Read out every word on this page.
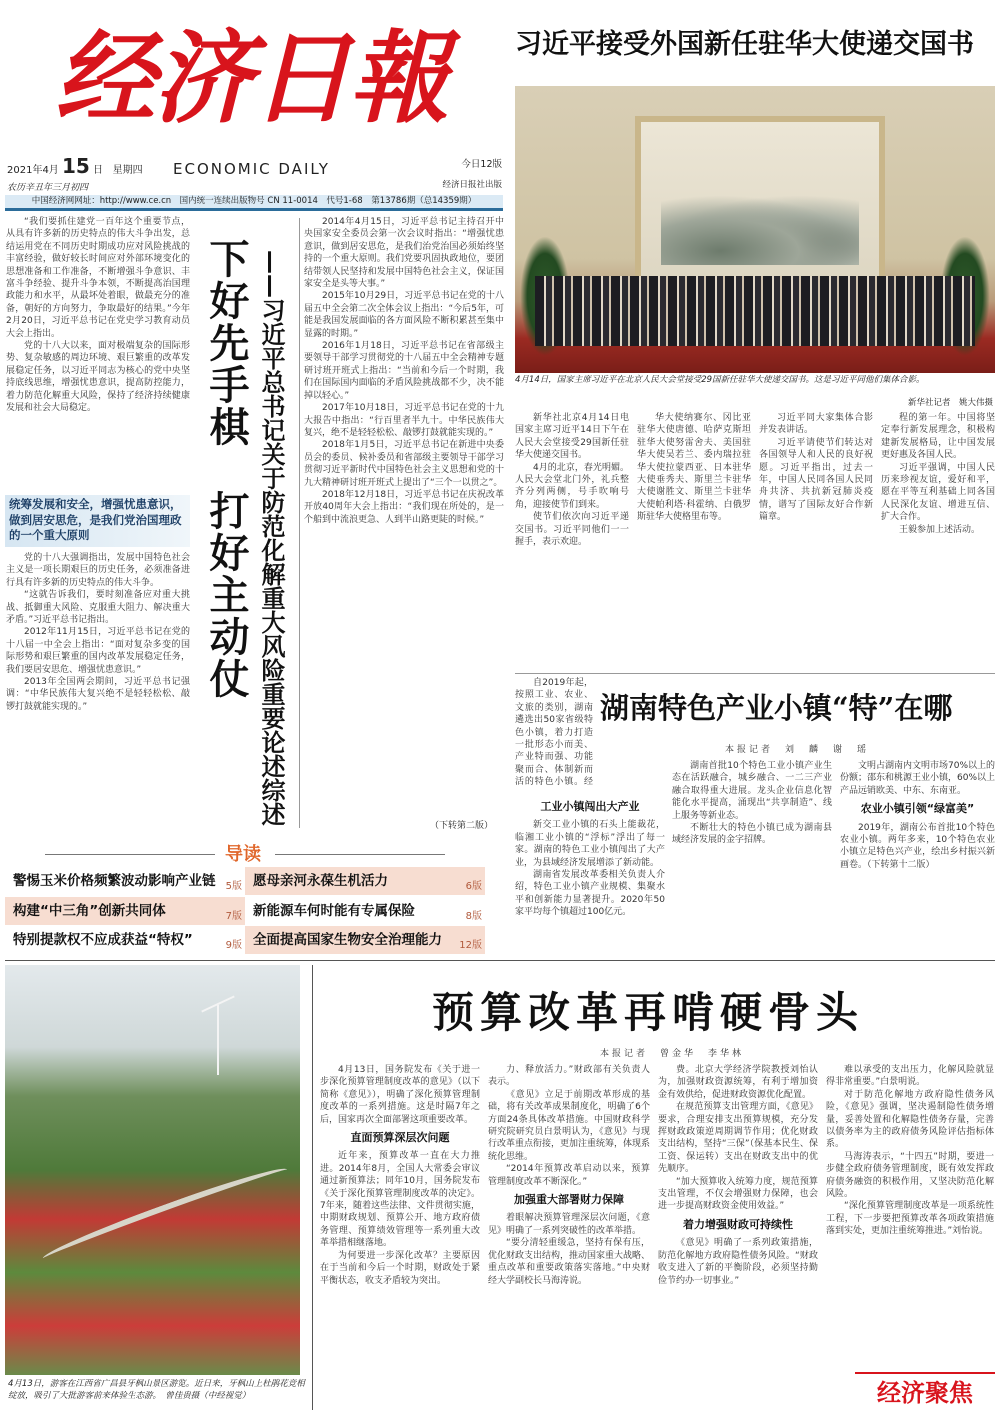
经济日報	习近平接受外国新任驻华大使递交国书
2021年4月 15 日 星期四
农历辛丑年三月初四
ECONOMIC DAILY	今日12版
经济日报社出版
中国经济网网址：http://www.ce.cn　国内统一连续出版物号 CN 11-0014　代号1-68　第13786期（总14359期）
4月14日，国家主席习近平在北京人民大会堂接受29国新任驻华大使递交国书。这是习近平同他们集体合影。
新华社记者　姚大伟摄

“我们要抓住建党一百年这个重要节点，从具有许多新的历史特点的伟大斗争出发，总结运用党在不同历史时期成功应对风险挑战的丰富经验，做好较长时间应对外部环境变化的思想准备和工作准备，不断增强斗争意识、丰富斗争经验、提升斗争本领，不断提高治国理政能力和水平，从最坏处着眼，做最充分的准备，朝好的方向努力，争取最好的结果。”今年2月20日，习近平总书记在党史学习教育动员大会上指出。

党的十八大以来，面对极端复杂的国际形势、复杂敏感的周边环境、艰巨繁重的改革发展稳定任务，以习近平同志为核心的党中央坚持底线思维，增强忧患意识，提高防控能力，着力防范化解重大风险，保持了经济持续健康发展和社会大局稳定。

统筹发展和安全，增强忧患意识，做到居安思危，是我们党治国理政的一个重大原则

党的十八大强调指出，发展中国特色社会主义是一项长期艰巨的历史任务，必须准备进行具有许多新的历史特点的伟大斗争。

“这就告诉我们，要时刻准备应对重大挑战、抵御重大风险、克服重大阻力、解决重大矛盾。”习近平总书记指出。

2012年11月15日，习近平总书记在党的十八届一中全会上指出：“面对复杂多变的国际形势和艰巨繁重的国内改革发展稳定任务，我们要居安思危、增强忧患意识。”

2013年全国两会期间，习近平总书记强调：“中华民族伟大复兴绝不是轻轻松松、敲锣打鼓就能实现的。”

下好先手棋　打好主动仗 ——习近平总书记关于防范化解重大风险重要论述综述

2014年4月15日，习近平总书记主持召开中央国家安全委员会第一次会议时指出：“增强忧患意识，做到居安思危，是我们治党治国必须始终坚持的一个重大原则。我们党要巩固执政地位，要团结带领人民坚持和发展中国特色社会主义，保证国家安全是头等大事。”

2015年10月29日，习近平总书记在党的十八届五中全会第二次全体会议上指出：“今后5年，可能是我国发展面临的各方面风险不断积累甚至集中显露的时期。”

2016年1月18日，习近平总书记在省部级主要领导干部学习贯彻党的十八届五中全会精神专题研讨班开班式上指出：“当前和今后一个时期，我们在国际国内面临的矛盾风险挑战都不少，决不能掉以轻心。”

2017年10月18日，习近平总书记在党的十九大报告中指出：“行百里者半九十。中华民族伟大复兴，绝不是轻轻松松、敲锣打鼓就能实现的。”

2018年1月5日，习近平总书记在新进中央委员会的委员、候补委员和省部级主要领导干部学习贯彻习近平新时代中国特色社会主义思想和党的十九大精神研讨班开班式上提出了“三个一以贯之”。

2018年12月18日，习近平总书记在庆祝改革开放40周年大会上指出：“我们现在所处的，是一个船到中流浪更急、人到半山路更陡的时候。”

（下转第二版）
导读
警惕玉米价格频繁波动影响产业链 5版 愿母亲河永葆生机活力	6版
构建“中三角”创新共同体	7版 新能源车何时能有专属保险	8版
特别提款权不应成获益“特权”	9版 全面提高国家生物安全治理能力 12版

新华社北京4月14日电　国家主席习近平14日下午在人民大会堂接受29国新任驻华大使递交国书。

4月的北京，春光明媚。人民大会堂北门外，礼兵整齐分列两侧，号手吹响号角，迎接使节们到来。

使节们依次向习近平递交国书。习近平同他们一一握手，表示欢迎。

华大使纳赛尔、冈比亚驻华大使唐德、哈萨克斯坦驻华大使努雷舍夫、美国驻华大使吴若兰、委内瑞拉驻华大使拉蒙西亚、日本驻华大使垂秀夫、斯里兰卡驻华大使谢胜文、斯里兰卡驻华大使帕利塔·科霍纳、白俄罗斯驻华大使格里布等。

习近平同大家集体合影并发表讲话。

习近平请使节们转达对各国领导人和人民的良好祝愿。习近平指出，过去一年，中国人民同各国人民同舟共济、共抗新冠肺炎疫情，谱写了国际友好合作新篇章。

程的第一年。中国将坚定奉行新发展理念，积极构建新发展格局，让中国发展更好惠及各国人民。

习近平强调，中国人民历来珍视友谊，爱好和平，愿在平等互利基础上同各国人民深化友谊、增进互信、扩大合作。

王毅参加上述活动。

自2019年起，按照工业、农业、文旅的类别，湖南遴选出50家省级特色小镇，着力打造一批形态小而美、产业特而强、功能聚而合、体制新而活的特色小镇。经

湖南特色产业小镇“特”在哪
本报记者　刘　麟　谢　瑶
工业小镇闯出大产业

新交工业小镇的石头上能裁花，临湘工业小镇的“浮标”浮出了每一家。湖南的特色工业小镇闯出了大产业，为县域经济发展增添了新动能。

湖南省发展改革委相关负责人介绍，特色工业小镇产业规模、集聚水平和创新能力显著提升。2020年50家平均每个镇超过100亿元。

湖南首批10个特色工业小镇产业生态在活跃融合，城乡融合、一二三产业融合取得重大进展。龙头企业信息化智能化水平提高，涌现出“共享制造”、线上服务等新业态。

不断壮大的特色小镇已成为湖南县域经济发展的金字招牌。

文明占湖南内文明市场70%以上的份额；邵东和桃源王业小镇，60%以上产品远销欧美、中东、东南亚。

农业小镇引领“绿富美”

2019年，湖南公布首批10个特色农业小镇。两年多来，10个特色农业小镇立足特色兴产业，绘出乡村振兴新画卷。（下转第十二版）

4月13日，游客在江西省广昌县牙枫山景区游览。近日来，牙枫山上杜鹃花竞相绽放，吸引了大批游客前来体验生态游。　 曾佳贵摄（中经视觉）
预算改革再啃硬骨头
本报记者　曾金华　李华林

4月13日，国务院发布《关于进一步深化预算管理制度改革的意见》（以下简称《意见》），明确了深化预算管理制度改革的一系列措施。这是时隔7年之后，国家再次全面部署这项重要改革。

直面预算深层次问题

近年来，预算改革一直在大力推进。2014年8月，全国人大常委会审议通过新预算法；同年10月，国务院发布《关于深化预算管理制度改革的决定》。7年来，随着这些法律、文件贯彻实施，中期财政规划、预算公开、地方政府债务管理、预算绩效管理等一系列重大改革举措相继落地。

为何要进一步深化改革？主要原因在于当前和今后一个时期，财政处于紧平衡状态，收支矛盾较为突出。

力、释放活力。”财政部有关负责人表示。

《意见》立足于前期改革形成的基础，将有关改革成果制度化，明确了6个方面24条具体改革措施。中国财政科学研究院研究员白景明认为，《意见》与现行改革重点衔接，更加注重统筹，体现系统化思维。

“2014年预算改革启动以来，预算管理制度改革不断深化。”

加强重大部署财力保障

着眼解决预算管理深层次问题，《意见》明确了一系列突破性的改革举措。

“要分清轻重缓急，坚持有保有压，优化财政支出结构，推动国家重大战略、重点改革和重要政策落实落地。”中央财经大学副校长马海涛说。

费。北京大学经济学院教授刘怡认为，加强财政资源统筹，有利于增加资金有效供给，促进财政资源优化配置。

在规范预算支出管理方面，《意见》要求，合理安排支出预算规模，充分发挥财政政策逆周期调节作用；优化财政支出结构，坚持“三保”（保基本民生、保工资、保运转）支出在财政支出中的优先顺序。

“加大预算收入统筹力度，规范预算支出管理，不仅会增强财力保障，也会进一步提高财政资金使用效益。”

着力增强财政可持续性

《意见》明确了一系列政策措施，防范化解地方政府隐性债务风险。“财政收支进入了新的平衡阶段，必须坚持勤俭节约办一切事业。”

难以承受的支出压力，化解风险就显得非常重要。”白景明说。

对于防范化解地方政府隐性债务风险，《意见》强调，坚决遏制隐性债务增量，妥善处置和化解隐性债务存量，完善以债务率为主的政府债务风险评估指标体系。

马海涛表示，“十四五”时期，要进一步健全政府债务管理制度，既有效发挥政府债务融资的积极作用，又坚决防范化解风险。

“深化预算管理制度改革是一项系统性工程，下一步要把预算改革各项政策措施落到实处，更加注重统筹推进。”刘怡说。

经济聚焦
